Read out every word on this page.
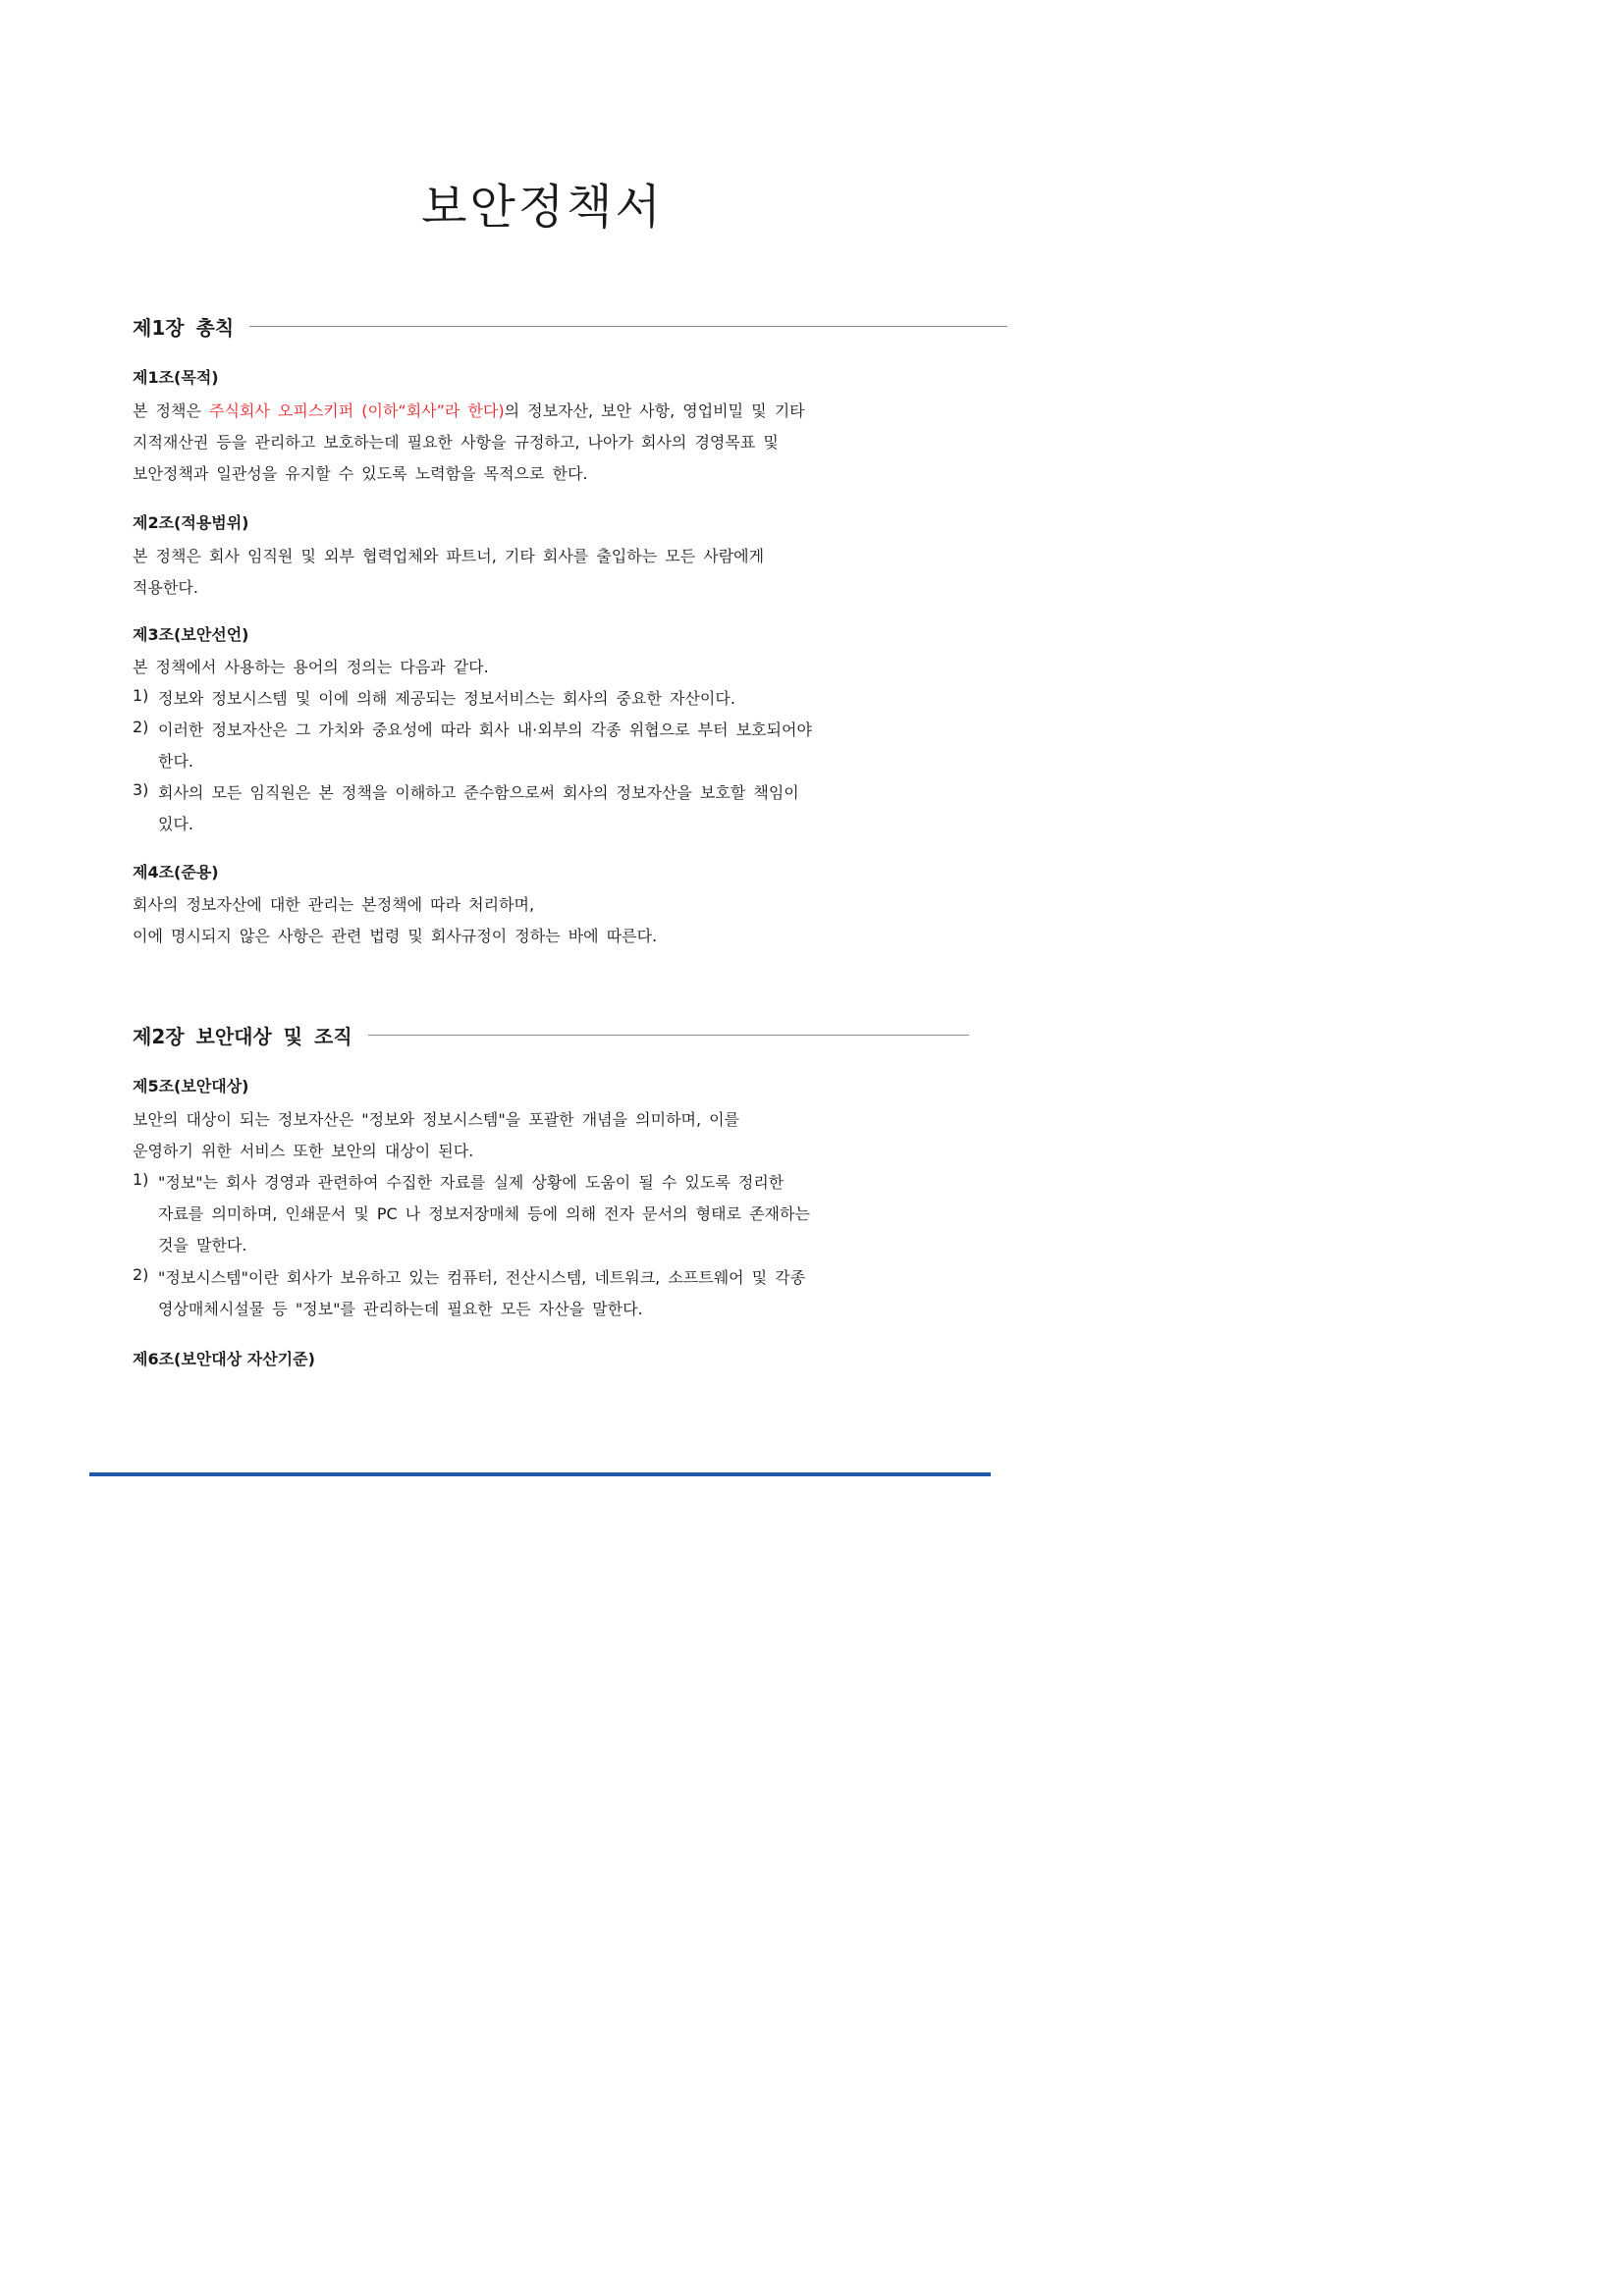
보안정책서
제1장 총칙
제1조(목적)
본 정책은 주식회사 오피스키퍼 (이하“회사”라 한다)의 정보자산, 보안 사항, 영업비밀 및 기타
지적재산권 등을 관리하고 보호하는데 필요한 사항을 규정하고, 나아가 회사의 경영목표 및
보안정책과 일관성을 유지할 수 있도록 노력함을 목적으로 한다.
제2조(적용범위)
본 정책은 회사 임직원 및 외부 협력업체와 파트너, 기타 회사를 출입하는 모든 사람에게
적용한다.
제3조(보안선언)
본 정책에서 사용하는 용어의 정의는 다음과 같다.
1) 정보와 정보시스템 및 이에 의해 제공되는 정보서비스는 회사의 중요한 자산이다.
2) 이러한 정보자산은 그 가치와 중요성에 따라 회사 내·외부의 각종 위협으로 부터 보호되어야
한다.
3) 회사의 모든 임직원은 본 정책을 이해하고 준수함으로써 회사의 정보자산을 보호할 책임이
있다.
제4조(준용)
회사의 정보자산에 대한 관리는 본정책에 따라 처리하며,
이에 명시되지 않은 사항은 관련 법령 및 회사규정이 정하는 바에 따른다.
제2장 보안대상 및 조직
제5조(보안대상)
보안의 대상이 되는 정보자산은 "정보와 정보시스템"을 포괄한 개념을 의미하며, 이를
운영하기 위한 서비스 또한 보안의 대상이 된다.
1) "정보"는 회사 경영과 관련하여 수집한 자료를 실제 상황에 도움이 될 수 있도록 정리한
자료를 의미하며, 인쇄문서 및 PC 나 정보저장매체 등에 의해 전자 문서의 형태로 존재하는
것을 말한다.
2) "정보시스템"이란 회사가 보유하고 있는 컴퓨터, 전산시스템, 네트워크, 소프트웨어 및 각종
영상매체시설물 등 "정보"를 관리하는데 필요한 모든 자산을 말한다.
제6조(보안대상 자산기준)
